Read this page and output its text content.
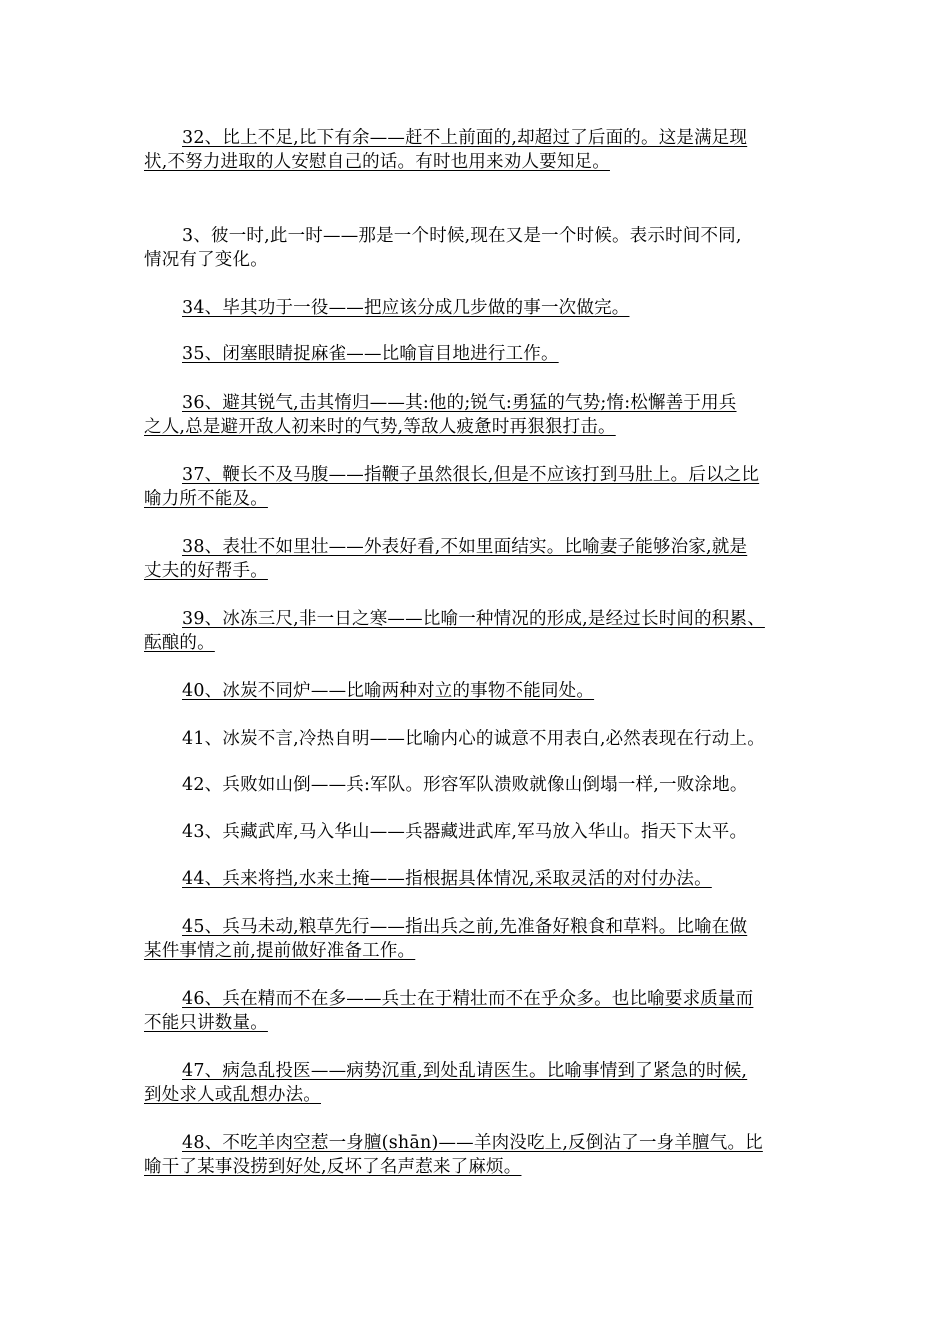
32、比上不足,比下有余——赶不上前面的,却超过了后面的。这是满足现
状,不努力进取的人安慰自己的话。有时也用来劝人要知足。
3、彼一时,此一时——那是一个时候,现在又是一个时候。表示时间不同,
情况有了变化。
34、毕其功于一役——把应该分成几步做的事一次做完。
35、闭塞眼睛捉麻雀——比喻盲目地进行工作。
36、避其锐气,击其惰归——其:他的;锐气:勇猛的气势;惰:松懈善于用兵
之人,总是避开敌人初来时的气势,等敌人疲惫时再狠狠打击。
37、鞭长不及马腹——指鞭子虽然很长,但是不应该打到马肚上。后以之比
喻力所不能及。
38、表壮不如里壮——外表好看,不如里面结实。比喻妻子能够治家,就是
丈夫的好帮手。
39、冰冻三尺,非一日之寒——比喻一种情况的形成,是经过长时间的积累、
酝酿的。
40、冰炭不同炉——比喻两种对立的事物不能同处。
41、冰炭不言,冷热自明——比喻内心的诚意不用表白,必然表现在行动上。
42、兵败如山倒——兵:军队。形容军队溃败就像山倒塌一样,一败涂地。
43、兵藏武库,马入华山——兵器藏进武库,军马放入华山。指天下太平。
44、兵来将挡,水来土掩——指根据具体情况,采取灵活的对付办法。
45、兵马未动,粮草先行——指出兵之前,先准备好粮食和草料。比喻在做
某件事情之前,提前做好准备工作。
46、兵在精而不在多——兵士在于精壮而不在乎众多。也比喻要求质量而
不能只讲数量。
47、病急乱投医——病势沉重,到处乱请医生。比喻事情到了紧急的时候,
到处求人或乱想办法。
48、不吃羊肉空惹一身膻(shān)——羊肉没吃上,反倒沾了一身羊膻气。比
喻干了某事没捞到好处,反坏了名声惹来了麻烦。
